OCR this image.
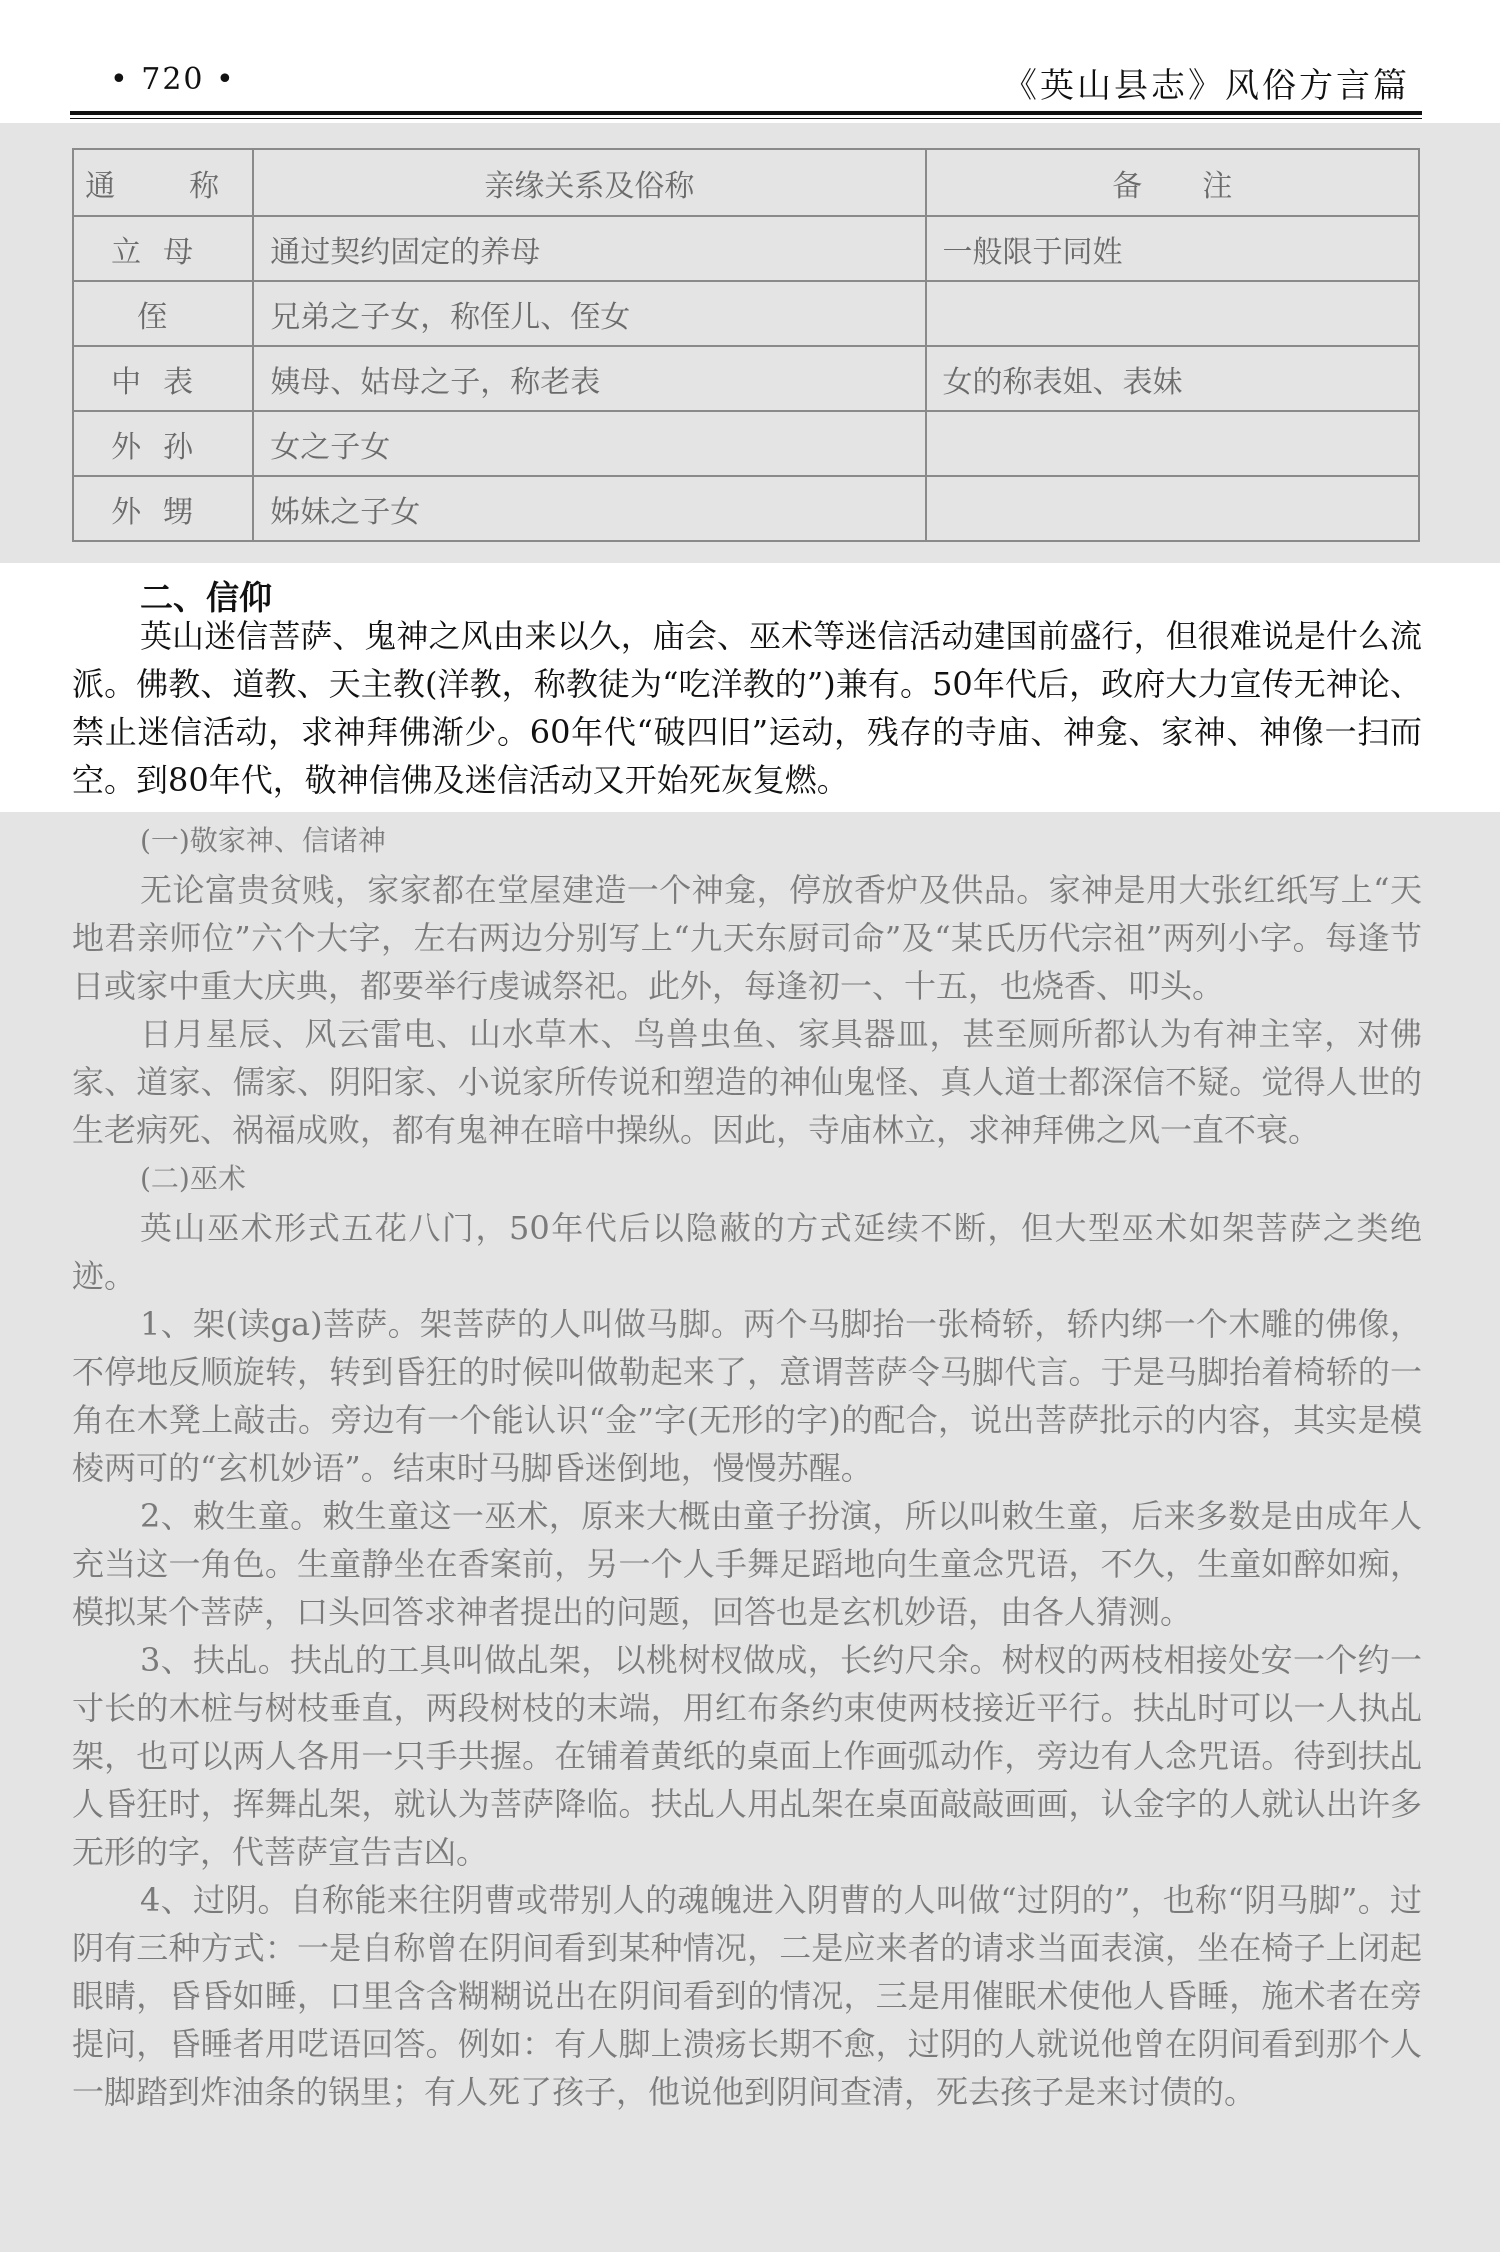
• 720 •	《英山县志》风俗方言篇
通　称	亲缘关系及俗称	备　　注
立母	通过契约固定的养母	一般限于同姓
侄	兄弟之子女，称侄儿、侄女	
中表	姨母、姑母之子，称老表	女的称表姐、表妹
外孙	女之子女	
外甥	姊妹之子女	
二、信仰

英山迷信菩萨、鬼神之风由来以久，庙会、巫术等迷信活动建国前盛行，但很难说是什么流派。佛教、道教、天主教(洋教，称教徒为“吃洋教的”)兼有。50年代后，政府大力宣传无神论、禁止迷信活动，求神拜佛渐少。60年代“破四旧”运动，残存的寺庙、神龛、家神、神像一扫而空。到80年代，敬神信佛及迷信活动又开始死灰复燃。

(一)敬家神、信诸神

无论富贵贫贱，家家都在堂屋建造一个神龛，停放香炉及供品。家神是用大张红纸写上“天地君亲师位”六个大字，左右两边分别写上“九天东厨司命”及“某氏历代宗祖”两列小字。每逢节日或家中重大庆典，都要举行虔诚祭祀。此外，每逢初一、十五，也烧香、叩头。

日月星辰、风云雷电、山水草木、鸟兽虫鱼、家具器皿，甚至厕所都认为有神主宰，对佛家、道家、儒家、阴阳家、小说家所传说和塑造的神仙鬼怪、真人道士都深信不疑。觉得人世的生老病死、祸福成败，都有鬼神在暗中操纵。因此，寺庙林立，求神拜佛之风一直不衰。

(二)巫术

英山巫术形式五花八门，50年代后以隐蔽的方式延续不断，但大型巫术如架菩萨之类绝迹。

1、架(读ga)菩萨。架菩萨的人叫做马脚。两个马脚抬一张椅轿，轿内绑一个木雕的佛像，不停地反顺旋转，转到昏狂的时候叫做勒起来了，意谓菩萨令马脚代言。于是马脚抬着椅轿的一角在木凳上敲击。旁边有一个能认识“金”字(无形的字)的配合，说出菩萨批示的内容，其实是模棱两可的“玄机妙语”。结束时马脚昏迷倒地，慢慢苏醒。

2、敕生童。敕生童这一巫术，原来大概由童子扮演，所以叫敕生童，后来多数是由成年人充当这一角色。生童静坐在香案前，另一个人手舞足蹈地向生童念咒语，不久，生童如醉如痴，模拟某个菩萨，口头回答求神者提出的问题，回答也是玄机妙语，由各人猜测。

3、扶乩。扶乩的工具叫做乩架，以桃树杈做成，长约尺余。树杈的两枝相接处安一个约一寸长的木桩与树枝垂直，两段树枝的末端，用红布条约束使两枝接近平行。扶乩时可以一人执乩架，也可以两人各用一只手共握。在铺着黄纸的桌面上作画弧动作，旁边有人念咒语。待到扶乩人昏狂时，挥舞乩架，就认为菩萨降临。扶乩人用乩架在桌面敲敲画画，认金字的人就认出许多无形的字，代菩萨宣告吉凶。

4、过阴。自称能来往阴曹或带别人的魂魄进入阴曹的人叫做“过阴的”，也称“阴马脚”。过阴有三种方式：一是自称曾在阴间看到某种情况，二是应来者的请求当面表演，坐在椅子上闭起眼睛，昏昏如睡，口里含含糊糊说出在阴间看到的情况，三是用催眠术使他人昏睡，施术者在旁提问，昏睡者用呓语回答。例如：有人脚上溃疡长期不愈，过阴的人就说他曾在阴间看到那个人一脚踏到炸油条的锅里；有人死了孩子，他说他到阴间查清，死去孩子是来讨债的。
